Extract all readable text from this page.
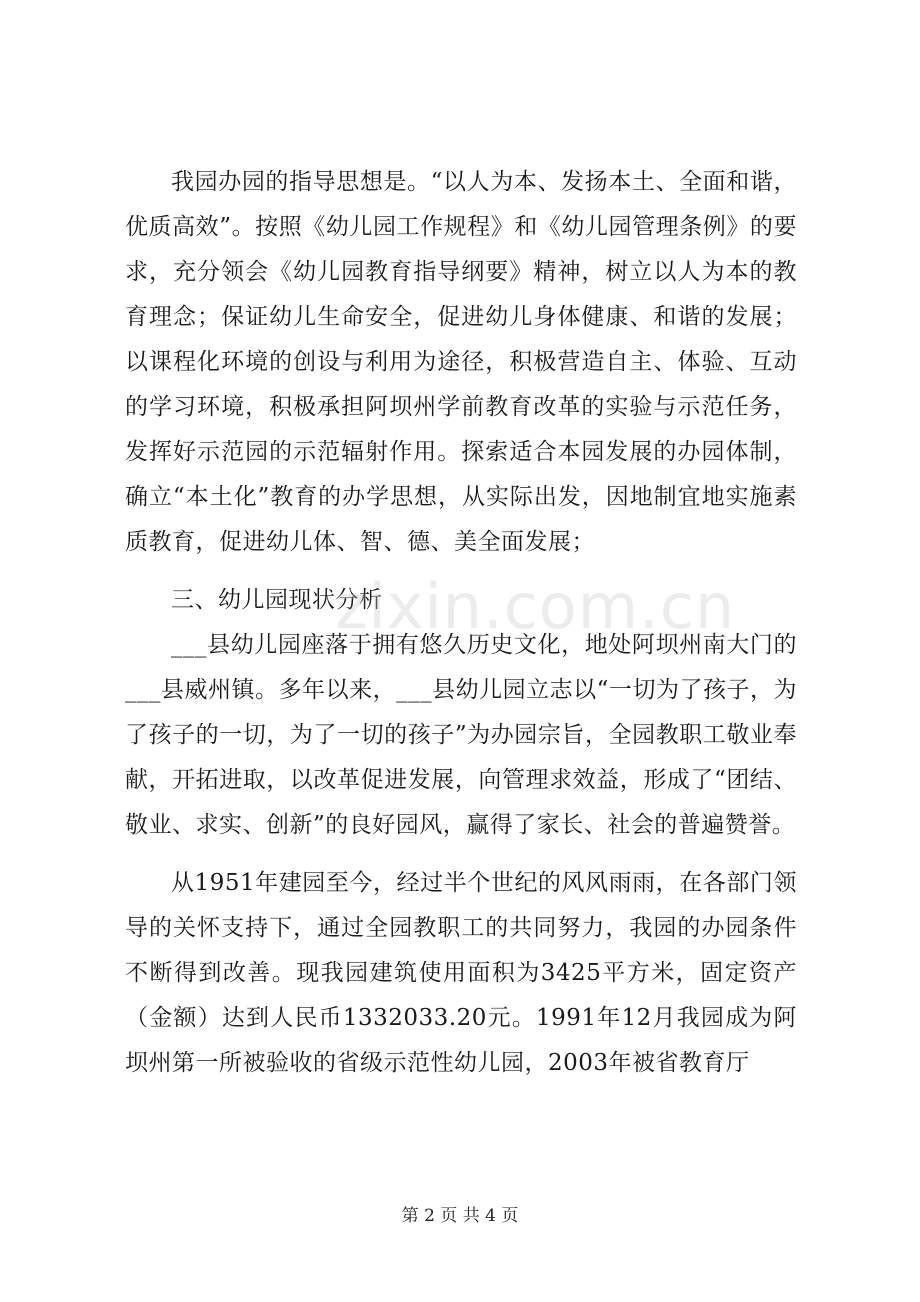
我园办园的指导思想是。“以人为本、发扬本土、全面和谐，优质高效”。按照《幼儿园工作规程》和《幼儿园管理条例》的要求，充分领会《幼儿园教育指导纲要》精神，树立以人为本的教育理念；保证幼儿生命安全，促进幼儿身体健康、和谐的发展；以课程化环境的创设与利用为途径，积极营造自主、体验、互动的学习环境，积极承担阿坝州学前教育改革的实验与示范任务，发挥好示范园的示范辐射作用。探索适合本园发展的办园体制，确立“本土化”教育的办学思想，从实际出发，因地制宜地实施素质教育，促进幼儿体、智、德、美全面发展；

三、幼儿园现状分析

___县幼儿园座落于拥有悠久历史文化，地处阿坝州南大门的___县威州镇。多年以来，___县幼儿园立志以“一切为了孩子，为了孩子的一切，为了一切的孩子”为办园宗旨，全园教职工敬业奉献，开拓进取，以改革促进发展，向管理求效益，形成了“团结、敬业、求实、创新”的良好园风，赢得了家长、社会的普遍赞誉。

从1951年建园至今，经过半个世纪的风风雨雨，在各部门领导的关怀支持下，通过全园教职工的共同努力，我园的办园条件不断得到改善。现我园建筑使用面积为3425平方米，固定资产（金额）达到人民币1332033.20元。1991年12月我园成为阿坝州第一所被验收的省级示范性幼儿园，2003年被省教育厅

zixin.com.cn
第 2 页 共 4 页
